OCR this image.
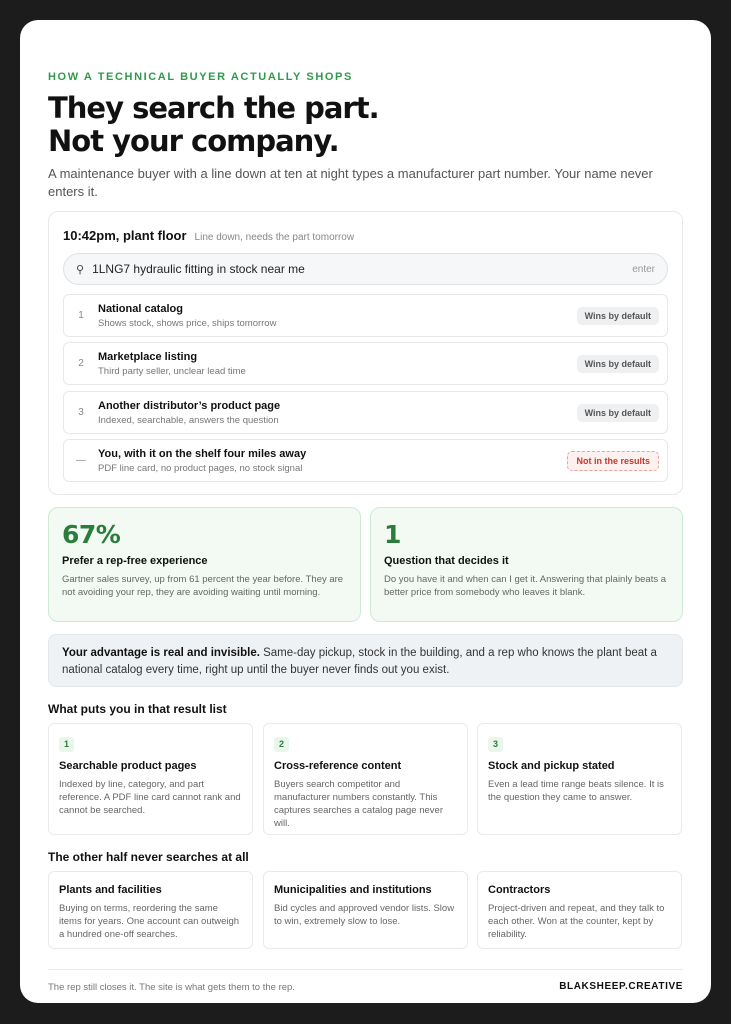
HOW A TECHNICAL BUYER ACTUALLY SHOPS
They search the part.
Not your company.
A maintenance buyer with a line down at ten at night types a manufacturer part number. Your name never enters it.
10:42pm, plant floor Line down, needs the part tomorrow
⚲ 1LNG7 hydraulic fitting in stock near me	enter
1
National catalog
Shows stock, shows price, ships tomorrow
Wins by default
2
Marketplace listing
Third party seller, unclear lead time
Wins by default
3
Another distributor’s product page
Indexed, searchable, answers the question
Wins by default
—
You, with it on the shelf four miles away
PDF line card, no product pages, no stock signal
Not in the results
67%
Prefer a rep-free experience
Gartner sales survey, up from 61 percent the year before. They are not avoiding your rep, they are avoiding waiting until morning.
1
Question that decides it
Do you have it and when can I get it. Answering that plainly beats a better price from somebody who leaves it blank.
Your advantage is real and invisible. Same-day pickup, stock in the building, and a rep who knows the plant beat a national catalog every time, right up until the buyer never finds out you exist.
What puts you in that result list
1
Searchable product pages
Indexed by line, category, and part reference. A PDF line card cannot rank and cannot be searched.
2
Cross-reference content
Buyers search competitor and manufacturer numbers constantly. This captures searches a catalog page never will.
3
Stock and pickup stated
Even a lead time range beats silence. It is the question they came to answer.
The other half never searches at all
Plants and facilities
Buying on terms, reordering the same items for years. One account can outweigh a hundred one-off searches.
Municipalities and institutions
Bid cycles and approved vendor lists. Slow to win, extremely slow to lose.
Contractors
Project-driven and repeat, and they talk to each other. Won at the counter, kept by reliability.
The rep still closes it. The site is what gets them to the rep.	BLAKSHEEP.CREATIVE
